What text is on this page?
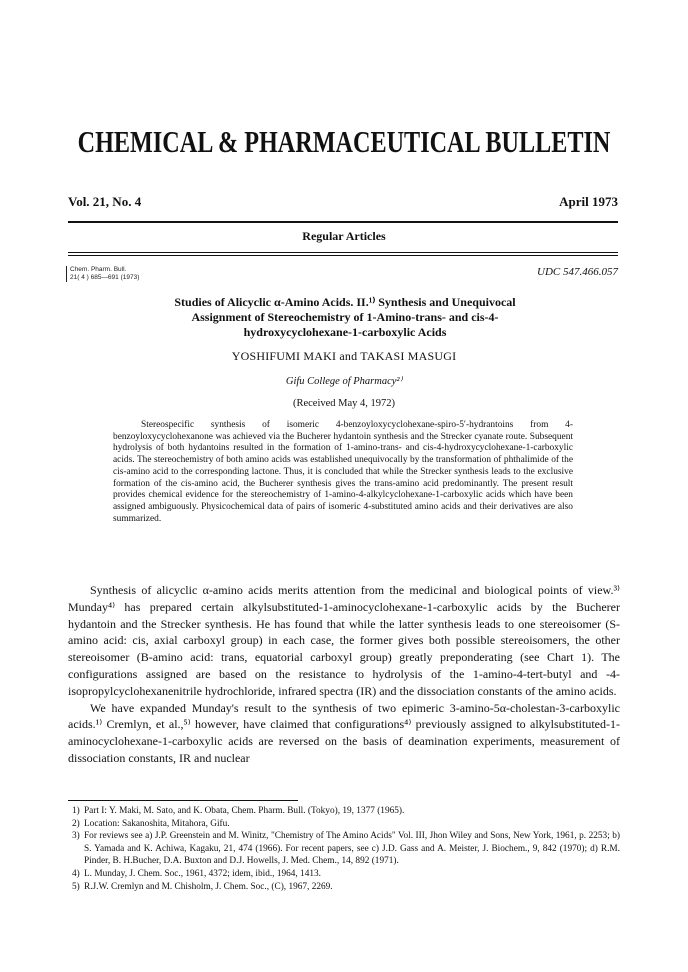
CHEMICAL & PHARMACEUTICAL BULLETIN
Vol. 21, No. 4	April 1973
Regular Articles
Chem. Pharm. Bull.
21( 4 ) 685—691 (1973)	UDC 547.466.057
Studies of Alicyclic α-Amino Acids. II.¹⁾ Synthesis and Unequivocal
Assignment of Stereochemistry of 1-Amino-trans- and cis-4-
hydroxycyclohexane-1-carboxylic Acids
YOSHIFUMI MAKI and TAKASI MASUGI
Gifu College of Pharmacy²⁾
(Received May 4, 1972)
Stereospecific synthesis of isomeric 4-benzoyloxycyclohexane-spiro-5′-hydrantoins from 4-benzoyloxycyclohexanone was achieved via the Bucherer hydantoin synthesis and the Strecker cyanate route. Subsequent hydrolysis of both hydantoins resulted in the formation of 1-amino-trans- and cis-4-hydroxycyclohexane-1-carboxylic acids. The stereochemistry of both amino acids was established unequivocally by the transformation of phthalimide of the cis-amino acid to the corresponding lactone. Thus, it is concluded that while the Strecker synthesis leads to the exclusive formation of the cis-amino acid, the Bucherer synthesis gives the trans-amino acid predominantly. The present result provides chemical evidence for the stereochemistry of 1-amino-4-alkylcyclohexane-1-carboxylic acids which have been assigned ambiguously. Physicochemical data of pairs of isomeric 4-substituted amino acids and their derivatives are also summarized.

Synthesis of alicyclic α-amino acids merits attention from the medicinal and biological points of view.³⁾ Munday⁴⁾ has prepared certain alkylsubstituted-1-aminocyclohexane-1-carboxylic acids by the Bucherer hydantoin and the Strecker synthesis. He has found that while the latter synthesis leads to one stereoisomer (S-amino acid: cis, axial carboxyl group) in each case, the former gives both possible stereoisomers, the other stereoisomer (B-amino acid: trans, equatorial carboxyl group) greatly preponderating (see Chart 1). The configurations assigned are based on the resistance to hydrolysis of the 1-amino-4-tert-butyl and -4-isopropylcyclohexanenitrile hydrochloride, infrared spectra (IR) and the dissociation constants of the amino acids.

We have expanded Munday's result to the synthesis of two epimeric 3-amino-5α-cholestan-3-carboxylic acids.¹⁾ Cremlyn, et al.,⁵⁾ however, have claimed that configurations⁴⁾ previously assigned to alkylsubstituted-1-aminocyclohexane-1-carboxylic acids are reversed on the basis of deamination experiments, measurement of dissociation constants, IR and nuclear

1) Part I: Y. Maki, M. Sato, and K. Obata, Chem. Pharm. Bull. (Tokyo), 19, 1377 (1965).
2) Location: Sakanoshita, Mitahora, Gifu.
3) For reviews see a) J.P. Greenstein and M. Winitz, "Chemistry of The Amino Acids" Vol. III, Jhon Wiley and Sons, New York, 1961, p. 2253; b) S. Yamada and K. Achiwa, Kagaku, 21, 474 (1966). For recent papers, see c) J.D. Gass and A. Meister, J. Biochem., 9, 842 (1970); d) R.M. Pinder, B. H.Bucher, D.A. Buxton and D.J. Howells, J. Med. Chem., 14, 892 (1971).
4) L. Munday, J. Chem. Soc., 1961, 4372; idem, ibid., 1964, 1413.
5) R.J.W. Cremlyn and M. Chisholm, J. Chem. Soc., (C), 1967, 2269.
